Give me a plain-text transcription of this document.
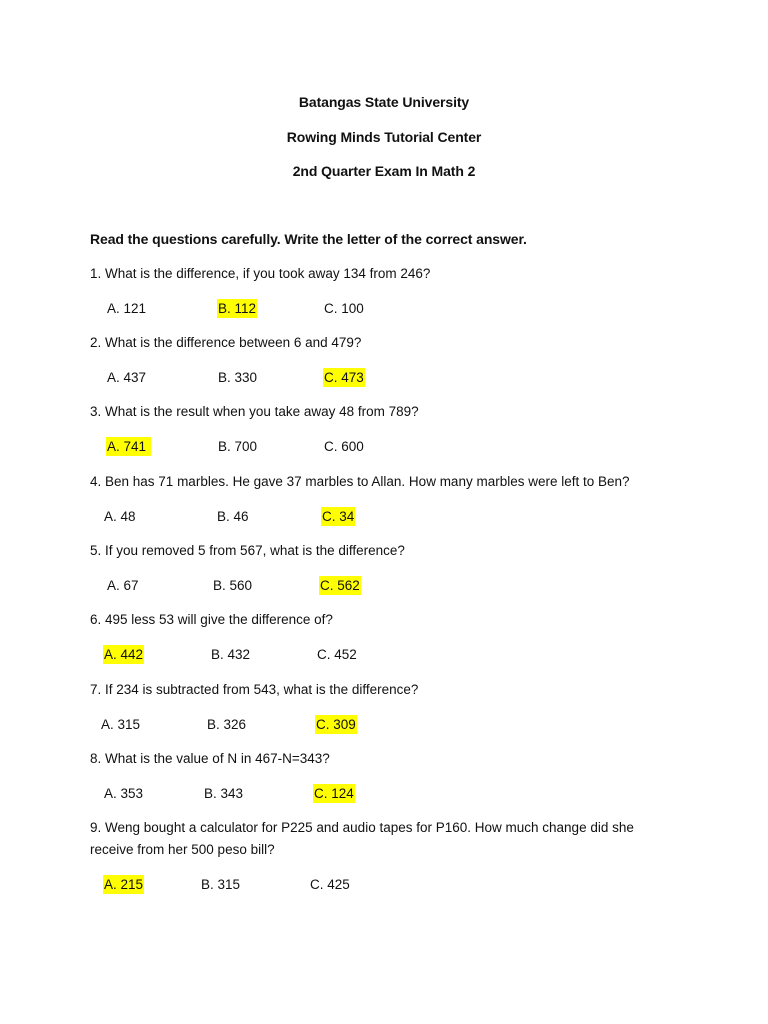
Batangas State University
Rowing Minds Tutorial Center
2nd Quarter Exam In Math 2
Read the questions carefully. Write the letter of the correct answer.
1. What is the difference, if you took away 134 from 246?
A. 121	B. 112	C. 100
2. What is the difference between 6 and 479?
A. 437	B. 330	C. 473
3. What is the result when you take away 48 from 789?
A. 741	B. 700	C. 600
4. Ben has 71 marbles. He gave 37 marbles to Allan. How many marbles were left to Ben?
A. 48	B. 46	C. 34
5. If you removed 5 from 567, what is the difference?
A. 67	B. 560	C. 562
6. 495 less 53 will give the difference of?
A. 442	B. 432	C. 452
7. If 234 is subtracted from 543, what is the difference?
A. 315	B. 326	C. 309
8. What is the value of N in 467-N=343?
A. 353	B. 343	C. 124
9. Weng bought a calculator for P225 and audio tapes for P160. How much change did she receive from her 500 peso bill?
A. 215	B. 315	C. 425
